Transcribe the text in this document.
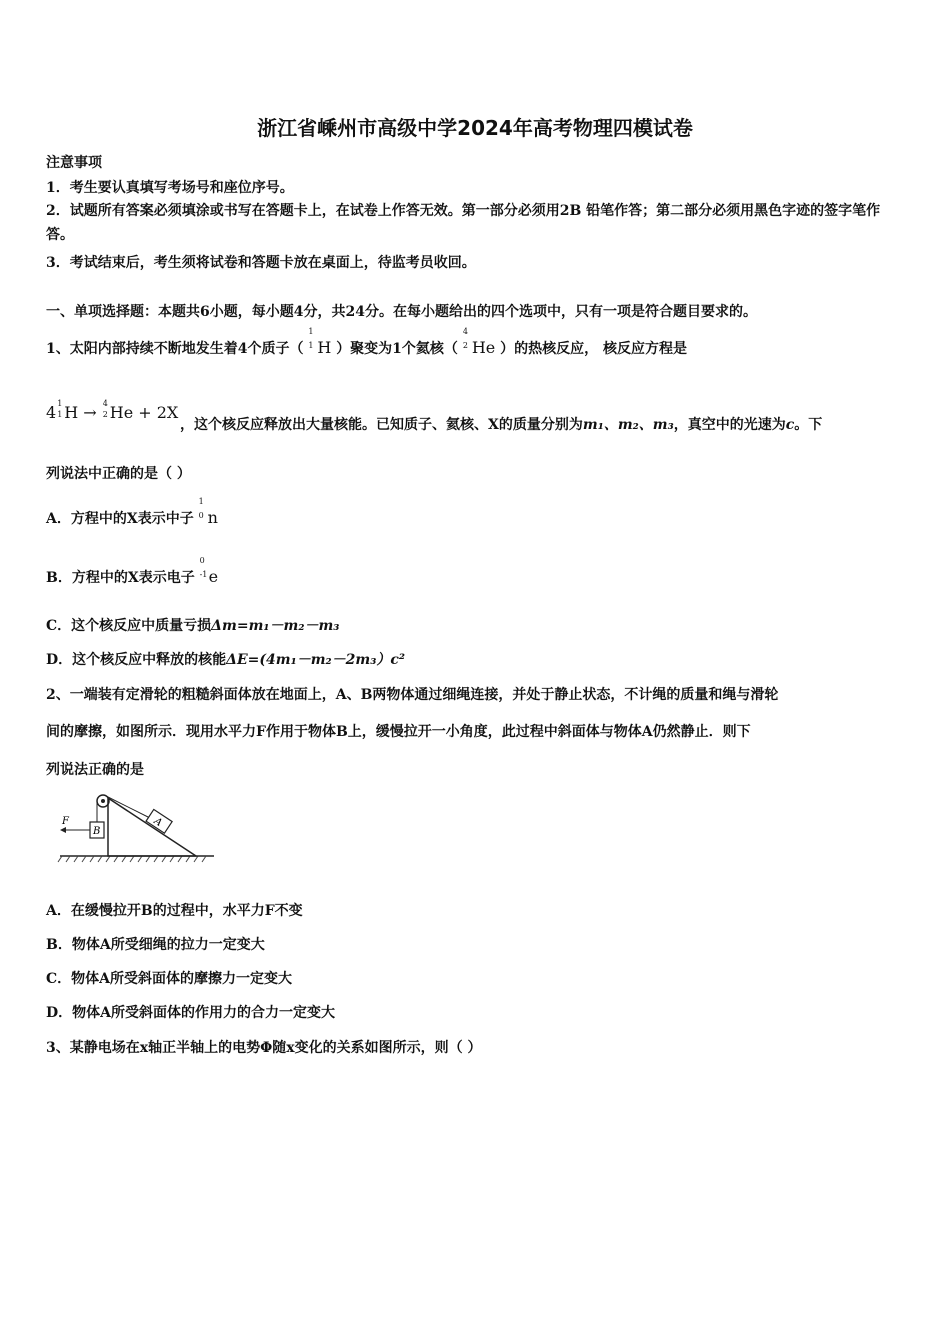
浙江省嵊州市高级中学2024年高考物理四模试卷
注意事项
1．考生要认真填写考场号和座位序号。
2．试题所有答案必须填涂或书写在答题卡上，在试卷上作答无效。第一部分必须用2B 铅笔作答；第二部分必须用黑色字迹的签字笔作答。
3．考试结束后，考生须将试卷和答题卡放在桌面上，待监考员收回。
一、单项选择题：本题共6小题，每小题4分，共24分。在每小题给出的四个选项中，只有一项是符合题目要求的。
1、太阳内部持续不断地发生着4个质子（
1
1 H ）聚变为1个氦核（
4
2 He ）的热核反应， 核反应方程是
4 1
1 H → 4
2 He + 2X
，这个核反应释放出大量核能。已知质子、氦核、X的质量分别为m₁、m₂、m₃，真空中的光速为c。下
列说法中正确的是（ ）
A．方程中的X表示中子
1
0 n
B．方程中的X表示电子
0
-1 e
C．这个核反应中质量亏损Δm=m₁－m₂－m₃
D．这个核反应中释放的核能ΔE=(4m₁－m₂－2m₃）c²
2、一端装有定滑轮的粗糙斜面体放在地面上，A、B两物体通过细绳连接，并处于静止状态，不计绳的质量和绳与滑轮
间的摩擦，如图所示．现用水平力F作用于物体B上，缓慢拉开一小角度，此过程中斜面体与物体A仍然静止．则下
列说法正确的是
A
B
F
A．在缓慢拉开B的过程中，水平力F不变
B．物体A所受细绳的拉力一定变大
C．物体A所受斜面体的摩擦力一定变大
D．物体A所受斜面体的作用力的合力一定变大
3、某静电场在x轴正半轴上的电势Φ随x变化的关系如图所示，则（ ）
